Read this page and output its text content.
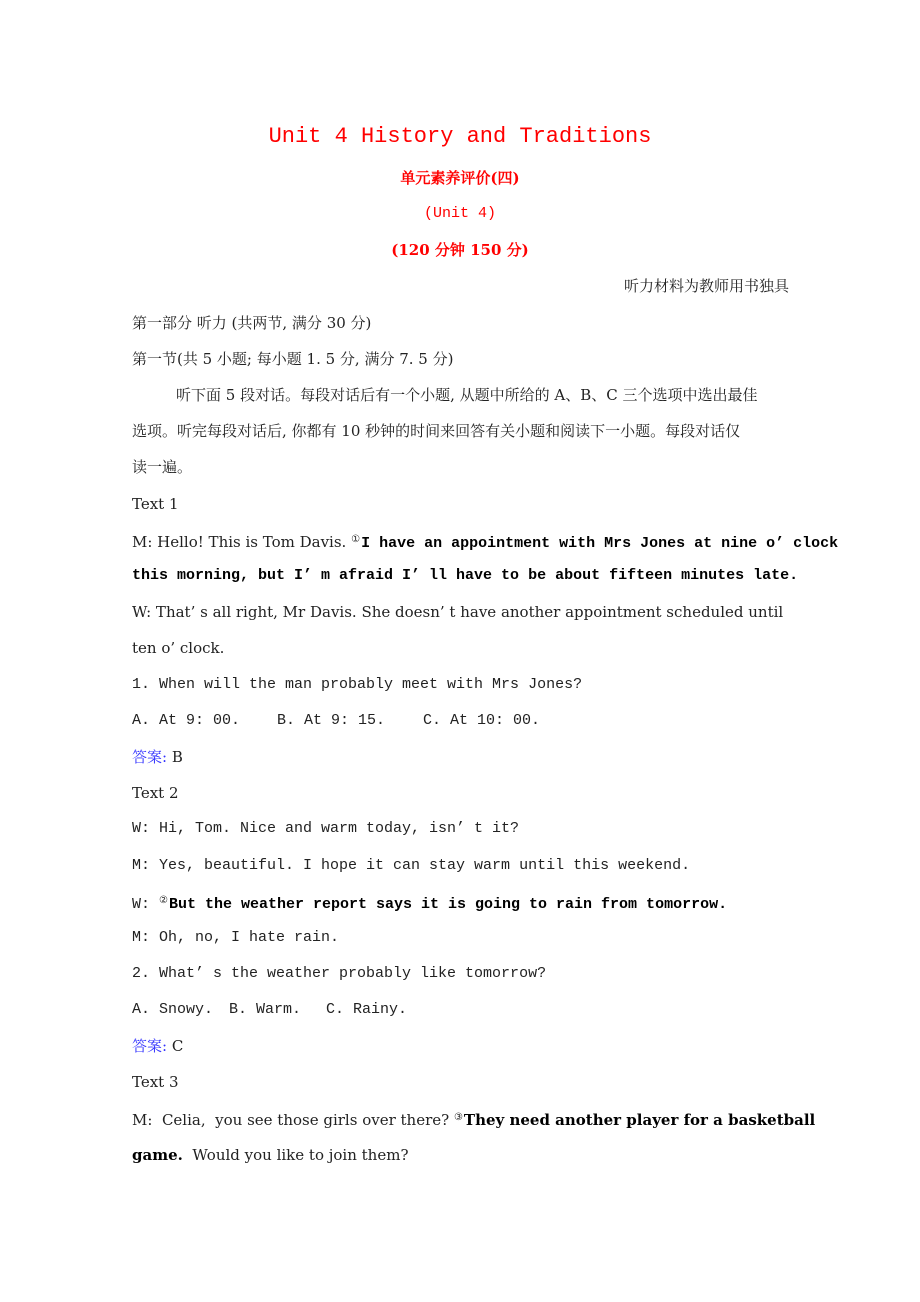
Unit 4 History and Traditions
单元素养评价(四)
(Unit 4)
(120 分钟 150 分)
听力材料为教师用书独具
第一部分 听力 (共两节, 满分 30 分)
第一节(共 5 小题; 每小题 1. 5 分, 满分 7. 5 分)
听下面 5 段对话。每段对话后有一个小题, 从题中所给的 A、B、C 三个选项中选出最佳
选项。听完每段对话后, 你都有 10 秒钟的时间来回答有关小题和阅读下一小题。每段对话仅
读一遍。
Text 1
M: Hello! This is Tom Davis. ①I have an appointment with Mrs Jones at nine o’ clock
this morning, but I’ m afraid I’ ll have to be about fifteen minutes late.
W: That’ s all right, Mr Davis. She doesn’ t have another appointment scheduled until
ten o’ clock.
1. When will the man probably meet with Mrs Jones?
A. At 9: 00. B. At 9: 15.	C. At 10: 00.
答案: B
Text 2
W: Hi, Tom. Nice and warm today, isn’ t it?
M: Yes, beautiful. I hope it can stay warm until this weekend.
W: ②But the weather report says it is going to rain from tomorrow.
M: Oh, no, I hate rain.
2. What’ s the weather probably like tomorrow?
A. Snowy. B. Warm. C. Rainy.
答案: C
Text 3
M:  Celia,  you see those girls over there? ③They need another player for a basketball
game.  Would you like to join them?
